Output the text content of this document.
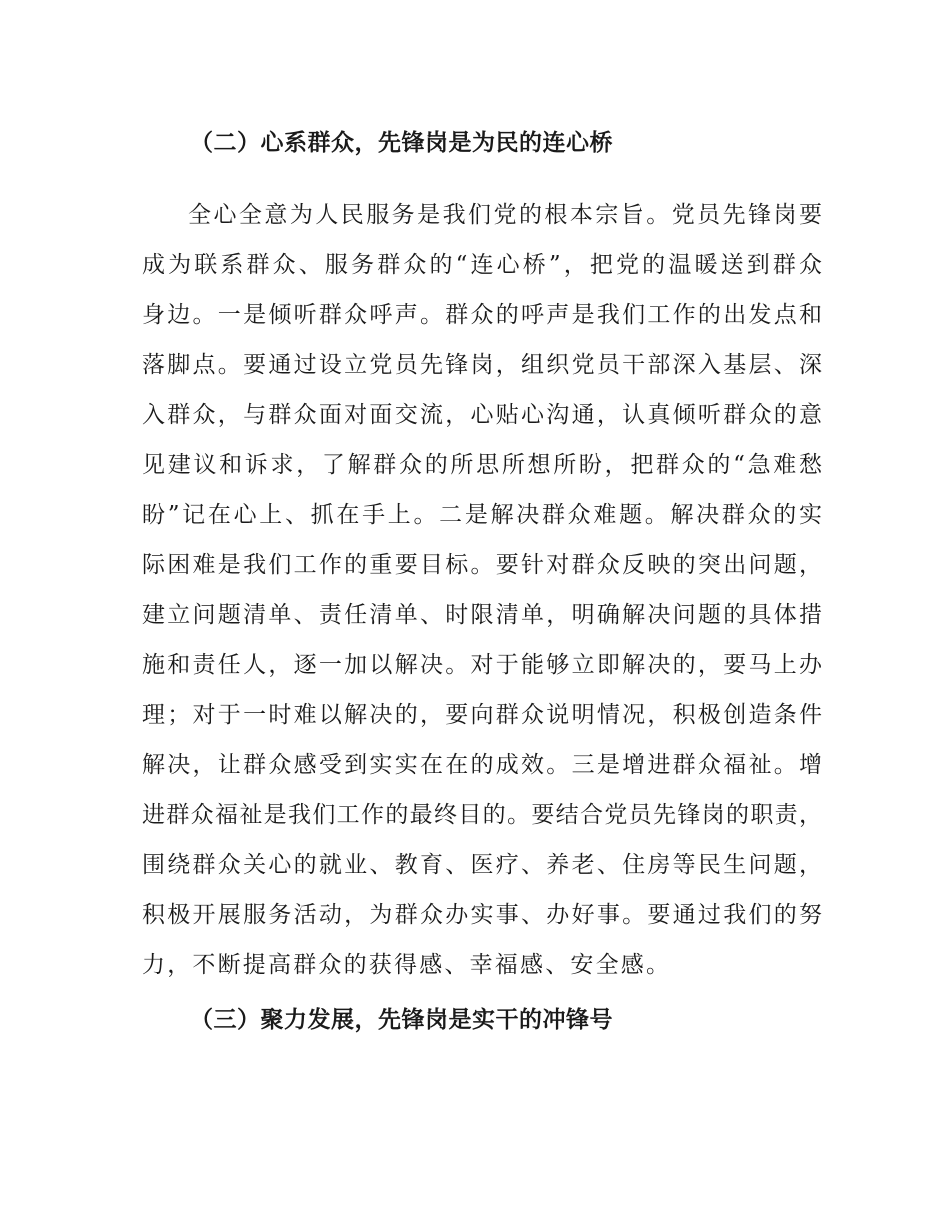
（二）心系群众，先锋岗是为民的连心桥
全心全意为人民服务是我们党的根本宗旨。党员先锋岗要
成为联系群众、服务群众的“连心桥”，把党的温暖送到群众
身边。一是倾听群众呼声。群众的呼声是我们工作的出发点和
落脚点。要通过设立党员先锋岗，组织党员干部深入基层、深
入群众，与群众面对面交流，心贴心沟通，认真倾听群众的意
见建议和诉求，了解群众的所思所想所盼，把群众的“急难愁
盼”记在心上、抓在手上。二是解决群众难题。解决群众的实
际困难是我们工作的重要目标。要针对群众反映的突出问题，
建立问题清单、责任清单、时限清单，明确解决问题的具体措
施和责任人，逐一加以解决。对于能够立即解决的，要马上办
理；对于一时难以解决的，要向群众说明情况，积极创造条件
解决，让群众感受到实实在在的成效。三是增进群众福祉。增
进群众福祉是我们工作的最终目的。要结合党员先锋岗的职责，
围绕群众关心的就业、教育、医疗、养老、住房等民生问题，
积极开展服务活动，为群众办实事、办好事。要通过我们的努
力，不断提高群众的获得感、幸福感、安全感。
（三）聚力发展，先锋岗是实干的冲锋号
